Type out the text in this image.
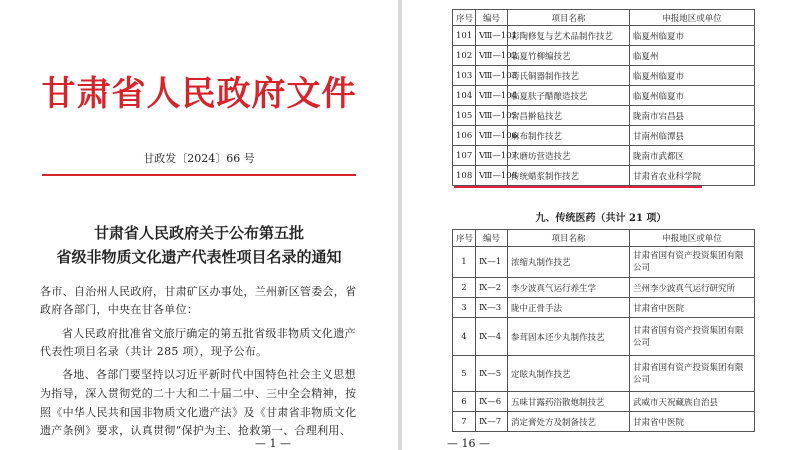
甘肃省人民政府文件
甘政发〔2024〕66 号
甘肃省人民政府关于公布第五批
省级非物质文化遗产代表性项目名录的通知
各市、自治州人民政府，甘肃矿区办事处，兰州新区管委会，省
政府各部门，中央在甘各单位：
省人民政府批准省文旅厅确定的第五批省级非物质文化遗产
代表性项目名录（共计 285 项），现予公布。
各地、各部门要坚持以习近平新时代中国特色社会主义思想
为指导，深入贯彻党的二十大和二十届二中、三中全会精神，按
照《中华人民共和国非物质文化遗产法》及《甘肃省非物质文化
遗产条例》要求，认真贯彻“保护为主、抢救第一、合理利用、
— 1 —
序号	编号	项目名称	申报地区或单位
101	Ⅷ—101	彩陶修复与艺术品制作技艺	临夏州临夏市
102	Ⅷ—102	临夏竹柳编技艺	临夏州
103	Ⅷ—103	苟氏铜器制作技艺	临夏州临夏市
104	Ⅷ—104	临夏肤子醋酿造技艺	临夏州临夏市
105	Ⅷ—105	宕昌擀毡技艺	陇南市宕昌县
106	Ⅷ—106	麻布制作技艺	甘南州临潭县
107	Ⅷ—107	水磨坊营造技艺	陇南市武都区
108	Ⅷ—108	传统蜡浆制作技艺	甘肃省农业科学院
九、传统医药（共计 21 项）
序号	编号	项目名称	申报地区或单位
1	Ⅸ—1	浓缩丸制作技艺	甘肃省国有资产投资集团有限公司
2	Ⅸ—2	李少波真气运行养生学	兰州李少波真气运行研究所
3	Ⅸ—3	陇中正骨手法	甘肃省中医院
4	Ⅸ—4	参茸固本还少丸制作技艺	甘肃省国有资产投资集团有限公司
5	Ⅸ—5	定眩丸制作技艺	甘肃省国有资产投资集团有限公司
6	Ⅸ—6	五味甘露药浴散炮制技艺	武威市天祝藏族自治县
7	Ⅸ—7	消定膏处方及制备技艺	甘肃省中医院
— 16 —
